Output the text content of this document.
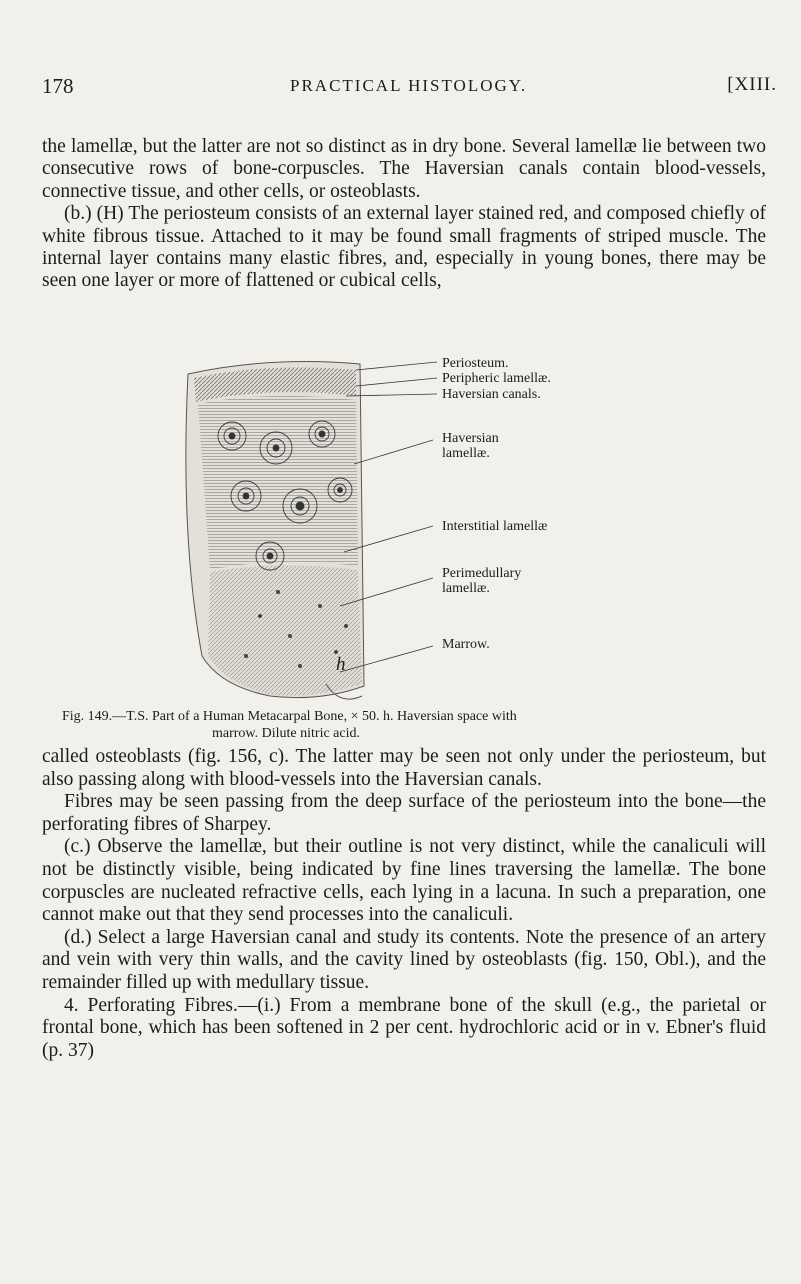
178	PRACTICAL HISTOLOGY.	[XIII.

the lamellæ, but the latter are not so distinct as in dry bone. Several lamellæ lie between two consecutive rows of bone-corpuscles. The Haversian canals contain blood-vessels, connective tissue, and other cells, or osteoblasts.

(b.) (H) The periosteum consists of an external layer stained red, and composed chiefly of white fibrous tissue. Attached to it may be found small fragments of striped muscle. The internal layer contains many elastic fibres, and, especially in young bones, there may be seen one layer or more of flattened or cubical cells,

Periosteum.
Peripheric lamellæ.
Haversian canals.
Haversian lamellæ.
Interstitial lamellæ
Perimedullary lamellæ.
Marrow.
h
Fig. 149.—T.S. Part of a Human Metacarpal Bone, × 50. h. Haversian space with
marrow. Dilute nitric acid.

called osteoblasts (fig. 156, c). The latter may be seen not only under the periosteum, but also passing along with blood-vessels into the Haversian canals.

Fibres may be seen passing from the deep surface of the periosteum into the bone—the perforating fibres of Sharpey.

(c.) Observe the lamellæ, but their outline is not very distinct, while the canaliculi will not be distinctly visible, being indicated by fine lines traversing the lamellæ. The bone corpuscles are nucleated refractive cells, each lying in a lacuna. In such a preparation, one cannot make out that they send processes into the canaliculi.

(d.) Select a large Haversian canal and study its contents. Note the presence of an artery and vein with very thin walls, and the cavity lined by osteoblasts (fig. 150, Obl.), and the remainder filled up with medullary tissue.

4. Perforating Fibres.—(i.) From a membrane bone of the skull (e.g., the parietal or frontal bone, which has been softened in 2 per cent. hydrochloric acid or in v. Ebner's fluid (p. 37)
